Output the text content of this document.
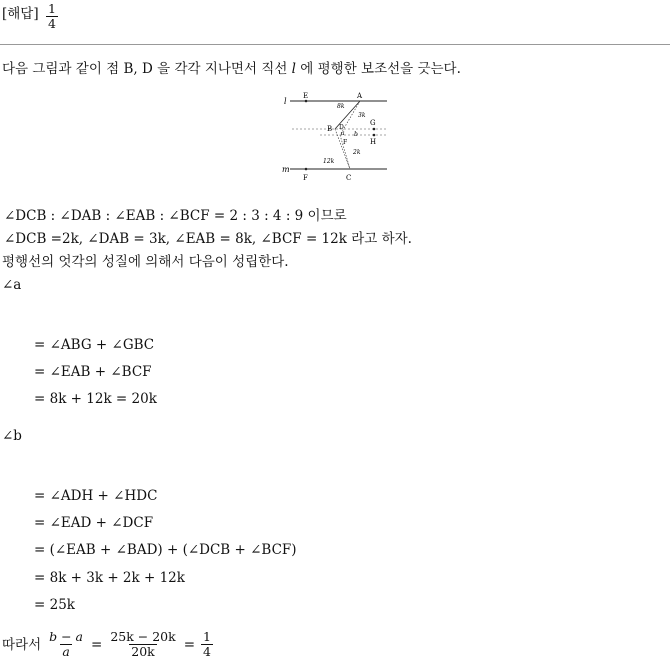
[해답] $\frac{1}{4}$
다음 그림과 같이 점 B, D 을 각각 지나면서 직선 l 에 평행한 보조선을 긋는다.
l
m
E	A
G
H
B D
F
C
F
b
a
8k
3k
2k
12k
∠DCB : ∠DAB : ∠EAB : ∠BCF = 2 : 3 : 4 : 9 이므로
∠DCB =2k, ∠DAB = 3k, ∠EAB = 8k, ∠BCF = 12k 라고 하자.
평행선의 엇각의 성질에 의해서 다음이 성립한다.
∠a
= ∠ABG + ∠GBC
= ∠EAB + ∠BCF
= 8k + 12k = 20k
∠b
= ∠ADH + ∠HDC
= ∠EAD + ∠DCF
= (∠EAB + ∠BAD) + (∠DCB + ∠BCF)
= 8k + 3k + 2k + 12k
= 25k
따라서 $\frac{b - a}{a} = \frac{25k - 20k}{20k} = \frac{1}{4}$
